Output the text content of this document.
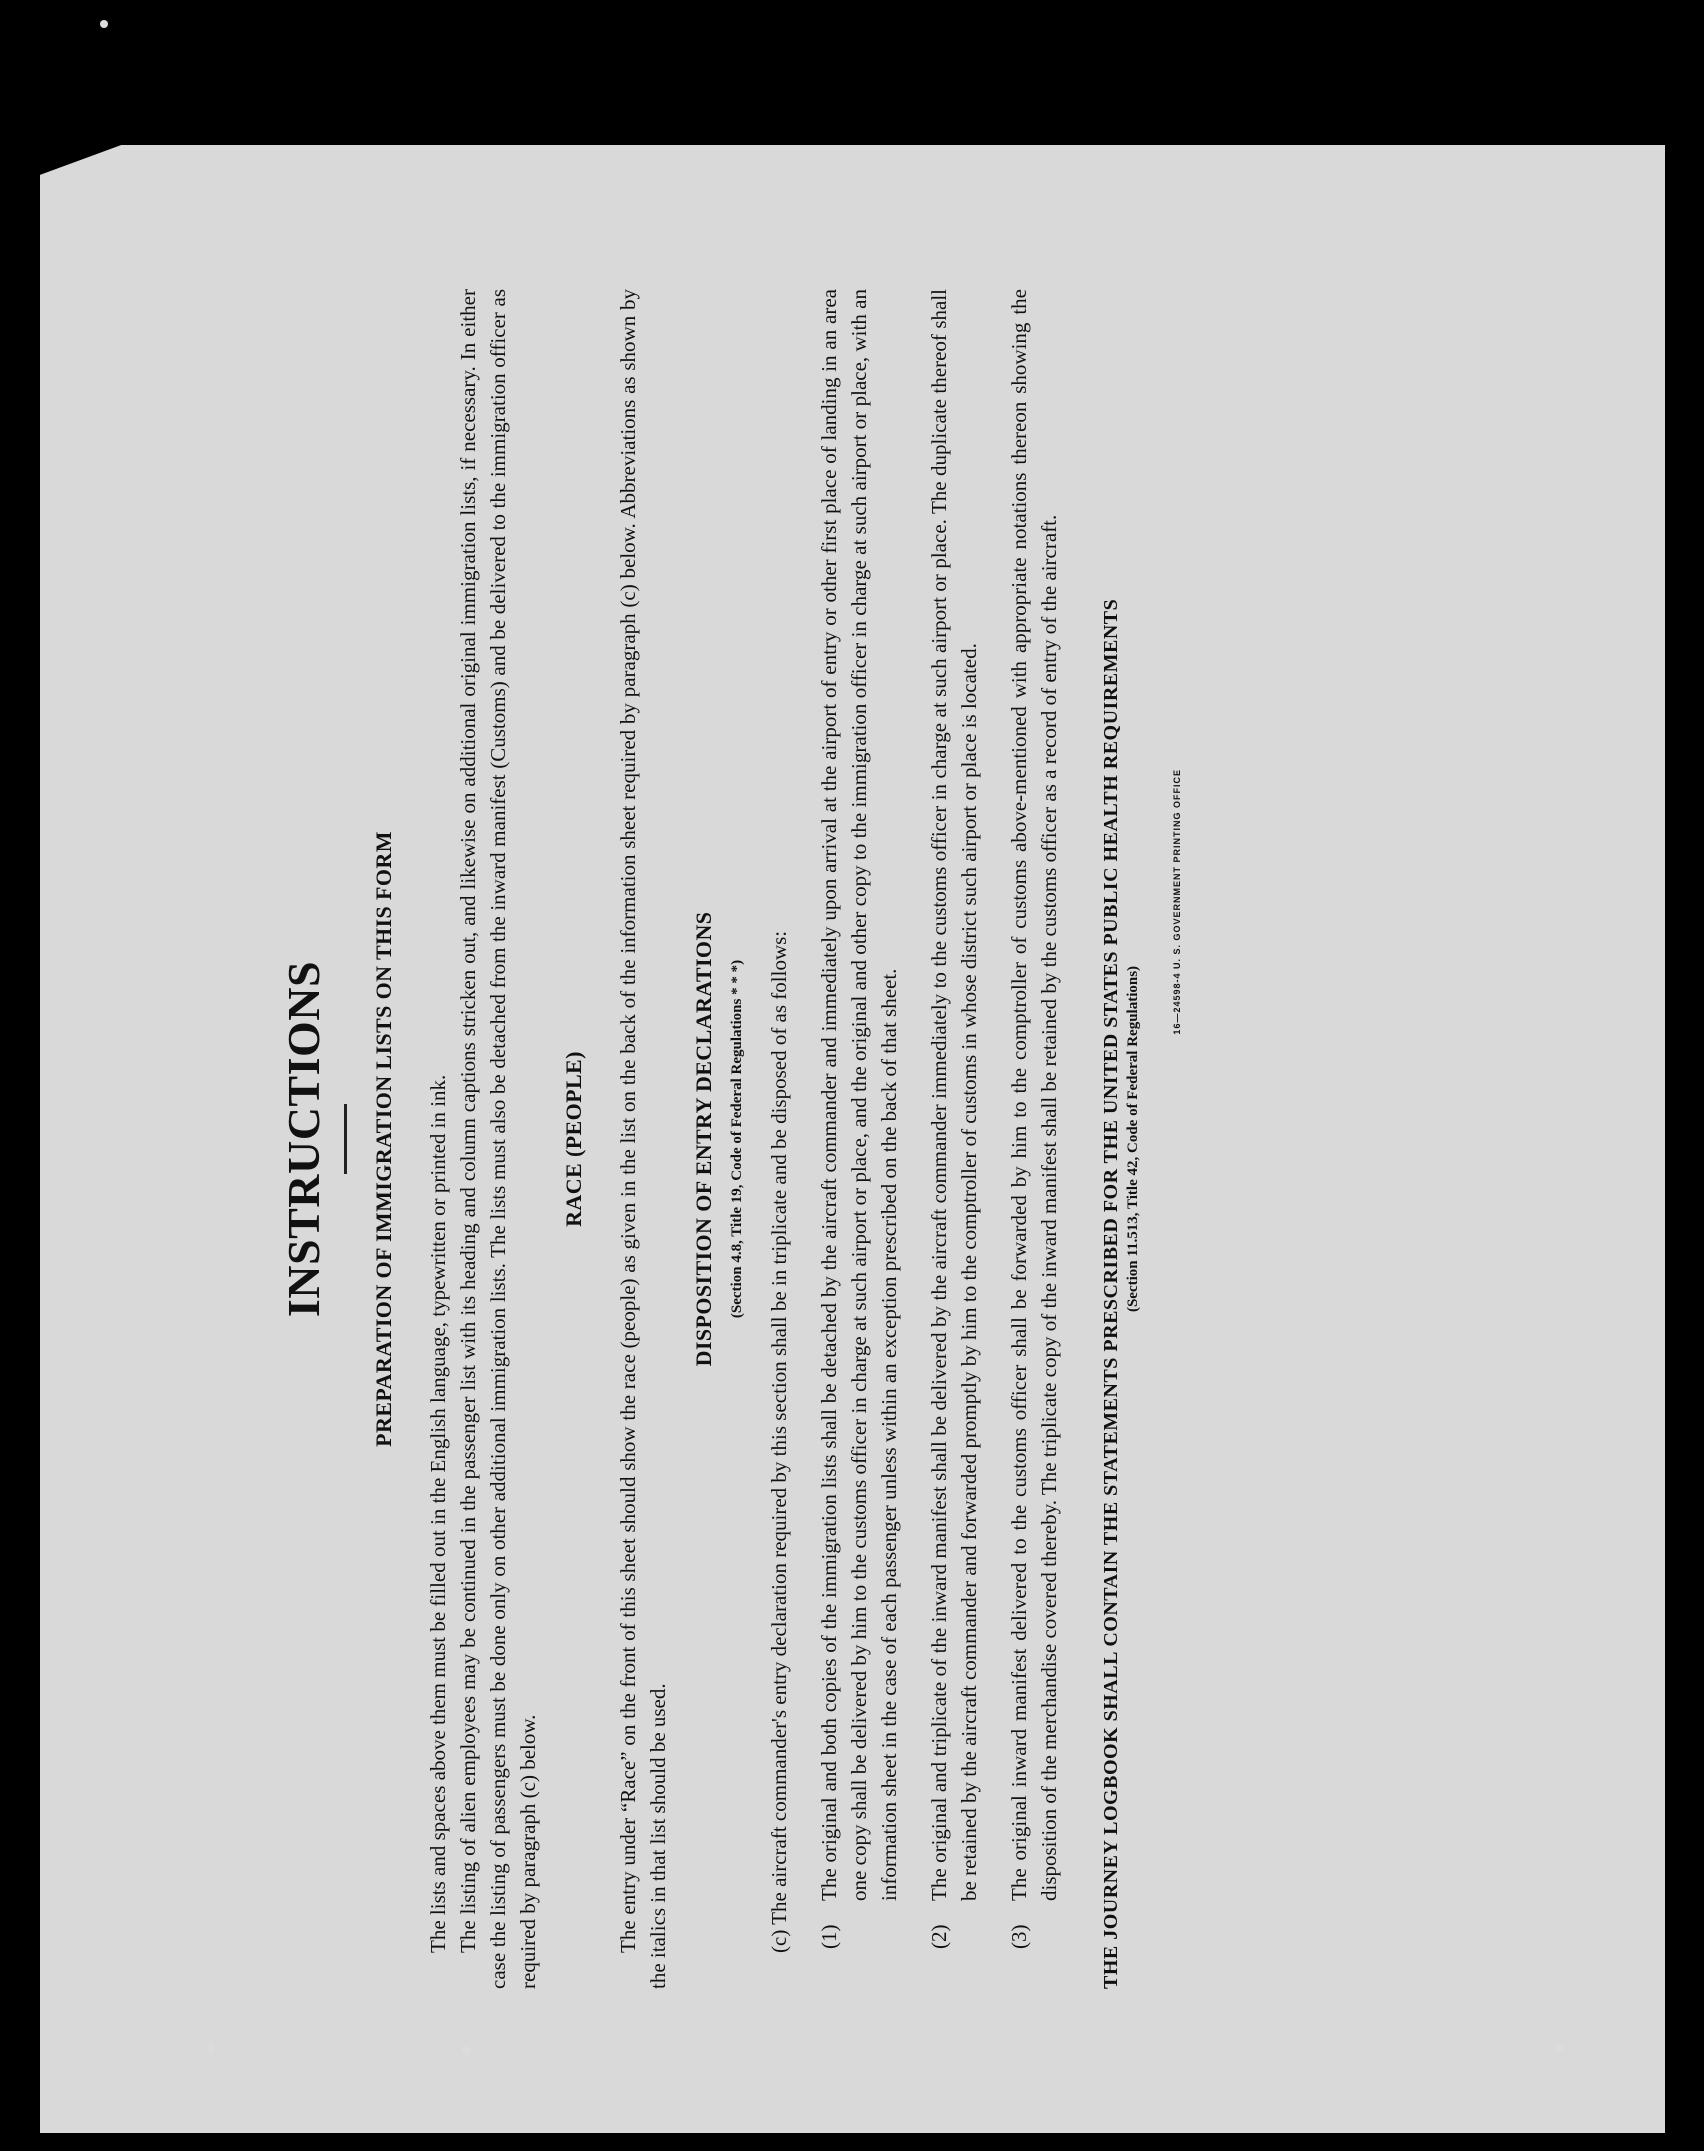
INSTRUCTIONS PREPARATION OF IMMIGRATION LISTS ON THIS FORM The lists and spaces above them must be filled out in the English language, typewritten or printed in ink. The listing of alien employees may be continued in the passenger list with its heading and column captions stricken out, and likewise on additional original immigration lists, if necessary. In either case the listing of passengers must be done only on other additional immigration lists. The lists must also be detached from the inward manifest (Customs) and be delivered to the immigration officer as required by paragraph (c) below.

RACE (PEOPLE) The entry under “Race” on the front of this sheet should show the race (people) as given in the list on the back of the information sheet required by paragraph (c) below. Abbreviations as shown by the italics in that list should be used.

DISPOSITION OF ENTRY DECLARATIONS (Section 4.8, Title 19, Code of Federal Regulations * * *) (c) The aircraft commander's entry declaration required by this section shall be in triplicate and be disposed of as follows: (1)
The original and both copies of the immigration lists shall be detached by the aircraft commander and immediately upon arrival at the airport of entry or other first place of landing in an area one copy shall be delivered by him to the customs officer in charge at such airport or place, and the original and other copy to the immigration officer in charge at such airport or place, with an information sheet in the case of each passenger unless within an exception prescribed on the back of that sheet.
(2)
The original and triplicate of the inward manifest shall be delivered by the aircraft commander immediately to the customs officer in charge at such airport or place. The duplicate thereof shall be retained by the aircraft commander and forwarded promptly by him to the comptroller of customs in whose district such airport or place is located.
(3)
The original inward manifest delivered to the customs officer shall be forwarded by him to the comptroller of customs above-mentioned with appropriate notations thereon showing the disposition of the merchandise covered thereby. The triplicate copy of the inward manifest shall be retained by the customs officer as a record of entry of the aircraft. THE JOURNEY LOGBOOK SHALL CONTAIN THE STATEMENTS PRESCRIBED FOR THE UNITED STATES PUBLIC HEALTH REQUIREMENTS (Section 11.513, Title 42, Code of Federal Regulations)
16—24598-4 U. S. GOVERNMENT PRINTING OFFICE
